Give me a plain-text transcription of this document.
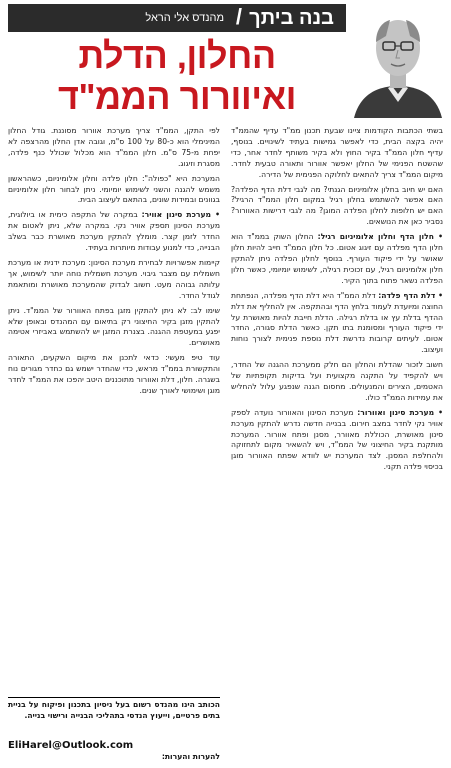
בנה ביתך
/
מהנדס אלי הראל
החלון, הדלת
ואיוורור הממ"ד

בשתי הכתבות הקודמות ציינו שבעת תכנון ממ"ד עדיף שהממ"ד יהיה בקצה הבית, כדי לאפשר גמישות בעתיד לשינויים. בנוסף, עדיף חלון הממ"ד בקיר החוץ ולא בקיר משותף לחדר אחר, כדי שהשטח הפנימי של החלון יאפשר אוורור ותאורה טבעית לחדר. מיקום הממ"ד צריך להתאים לחלוקה הפנימית של הדירה.

האם יש חיוב בחלון אלומיניום הגנתי? מה לגבי דלת הדף הפלדה? האם אפשר להשתמש בחלון רגיל במקום חלון הממ"ד הרגיל? האם יש חלופות לחלון הפלדה המוגן? מה לגבי דרישות האוורור? נסביר כאן את הנושאים.

• חלון הדף וחלון אלומיניום רגיל: החלון השוק בממ"ד הוא חלון הדף מפלדה עם זיגוג אטום. כל חלון הממ"ד חייב להיות חלון שאושר על ידי פיקוד העורף. בנוסף לחלון הפלדה ניתן להתקין חלון אלומיניום רגיל, עם זכוכית רגילה, לשימוש יומיומי, כאשר חלון הפלדה נשאר פתוח בתוך הקיר.

• דלת הדף פלדה: דלת הממ"ד היא דלת הדף מפלדה, הנפתחת החוצה ומיועדת לעמוד בלחץ הדף ובהתקפה. אין להחליף את דלת ההדף בדלת עץ או בדלת רגילה. הדלת חייבת להיות מאושרת על ידי פיקוד העורף ומסומנת בתו תקן. כאשר הדלת סגורה, החדר אטום. לעיתים קרובות נדרשת דלת נוספת פנימית לצורך נוחות ועיצוב.

חשוב לזכור שהדלת והחלון הם חלק ממערכת ההגנה של החדר, ויש להקפיד על התקנה מקצועית ועל בדיקות תקופתיות של האטמים, הצירים והמנעולים. מחסום הגנה שנפגע עלול להחליש את עמידות הממ"ד כולו.

• מערכת סינון ואוורור: מערכת הסינון והאוורור נועדה לספק אוויר נקי לחדר במצב חירום. בבנייה חדשה נדרש להתקין מערכת סינון מאושרת, הכוללת מאוורר, מסנן ופתח אוורור. המערכת מותקנת בקיר החיצוני של הממ"ד, ויש להשאיר מקום לתחזוקה ולהחלפת המסנן. לצד המערכת יש לוודא שפתח האוורור מוגן בכיסוי פלדה תקני.

לפי התקן, הממ"ד צריך מערכת אוורור מסוננת. גודל החלון המינימלי הוא כ-80 על 100 ס"מ, וגובה אדן החלון מהרצפה לא יפחת מ-75 ס"מ. חלון הממ"ד הוא מכלול שכולל כנף פלדה, מסגרת וזיגוג.

המערכת היא "כפולה": חלון פלדה וחלון אלומיניום, כשהראשון משמש להגנה והשני לשימוש יומיומי. ניתן לבחור חלון אלומיניום בגוונים ובמידות שונים, בהתאם לעיצוב הבית.

• מערכת סינון אוויר: במקרה של התקפה כימית או ביולוגית, מערכת הסינון תספק אוויר נקי. במקרה שלא, ניתן לאטום את החדר לזמן קצר. מומלץ להתקין מערכת מאושרת כבר בשלב הבנייה, כדי למנוע עבודות מיותרות בעתיד.

קיימות אפשרויות לבחירת מערכת הסינון: מערכת ידנית או מערכת חשמלית עם מצבר גיבוי. מערכת חשמלית נוחה יותר לשימוש, אך עלותה גבוהה מעט. חשוב לבדוק שהמערכת מאושרת ומותאמת לגודל החדר.

שימו לב: לא ניתן להתקין מזגן בפתח האוורור של הממ"ד. ניתן להתקין מזגן בקיר החיצוני רק בתיאום עם המהנדס ובאופן שלא יפגע במעטפת ההגנה. בצנרת המזגן יש להשתמש באביזרי אטימה מאושרים.

עוד טיפ מעשי: כדאי לתכנן את מיקום השקעים, התאורה והתקשורת בממ"ד מראש, כדי שהחדר ישמש גם כחדר מגורים נוח בשגרה. חלון, דלת ואוורור מתוכננים היטב יהפכו את הממ"ד לחדר מוגן ושימושי לאורך שנים.

הכותב הינו מהנדס רשום בעל ניסיון בתכנון ופיקוח על בניית בתים פרטיים, וייעוץ הנדסי בתהליכי הבנייה ורישוי בנייה.
EliHarel@Outlook.com
להערות והערות:
